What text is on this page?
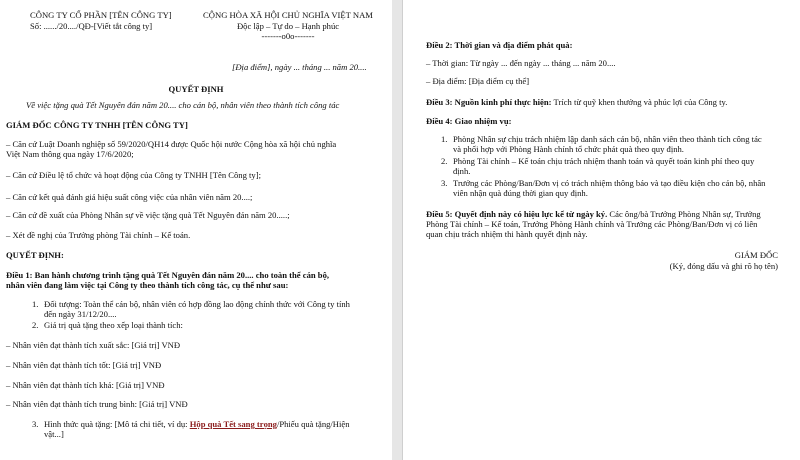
CÔNG TY CỔ PHẦN [TÊN CÔNG TY]
Số: ....../20..../QĐ-[Viết tắt công ty]
CỘNG HÒA XÃ HỘI CHỦ NGHĨA VIỆT NAM
Độc lập – Tự do – Hạnh phúc
-------o0o-------
[Địa điểm], ngày ... tháng ... năm 20....
QUYẾT ĐỊNH
Về việc tặng quà Tết Nguyên đán năm 20.... cho cán bộ, nhân viên theo thành tích công tác
GIÁM ĐỐC CÔNG TY TNHH [TÊN CÔNG TY]
– Căn cứ Luật Doanh nghiệp số 59/2020/QH14 được Quốc hội nước Cộng hòa xã hội chủ nghĩa
Việt Nam thông qua ngày 17/6/2020;
– Căn cứ Điều lệ tổ chức và hoạt động của Công ty TNHH [Tên Công ty];
– Căn cứ kết quả đánh giá hiệu suất công việc của nhân viên năm 20....;
– Căn cứ đề xuất của Phòng Nhân sự về việc tặng quà Tết Nguyên đán năm 20.....;
– Xét đề nghị của Trưởng phòng Tài chính – Kế toán.
QUYẾT ĐỊNH:
Điều 1: Ban hành chương trình tặng quà Tết Nguyên đán năm 20.... cho toàn thể cán bộ,
nhân viên đang làm việc tại Công ty theo thành tích công tác, cụ thể như sau:
1. Đối tượng: Toàn thể cán bộ, nhân viên có hợp đồng lao động chính thức với Công ty tính
đến ngày 31/12/20....
2. Giá trị quà tặng theo xếp loại thành tích:
– Nhân viên đạt thành tích xuất sắc: [Giá trị] VNĐ
– Nhân viên đạt thành tích tốt: [Giá trị] VNĐ
– Nhân viên đạt thành tích khá: [Giá trị] VNĐ
– Nhân viên đạt thành tích trung bình: [Giá trị] VNĐ
3. Hình thức quà tặng: [Mô tả chi tiết, ví dụ: Hộp quà Tết sang trọng/Phiếu quà tặng/Hiện
vật...]
Điều 2: Thời gian và địa điểm phát quà:
– Thời gian: Từ ngày ... đến ngày ... tháng ... năm 20....
– Địa điểm: [Địa điểm cụ thể]
Điều 3: Nguồn kinh phí thực hiện: Trích từ quỹ khen thưởng và phúc lợi của Công ty.
Điều 4: Giao nhiệm vụ:
1. Phòng Nhân sự chịu trách nhiệm lập danh sách cán bộ, nhân viên theo thành tích công tác
và phối hợp với Phòng Hành chính tổ chức phát quà theo quy định.
2. Phòng Tài chính – Kế toán chịu trách nhiệm thanh toán và quyết toán kinh phí theo quy
định.
3. Trưởng các Phòng/Ban/Đơn vị có trách nhiệm thông báo và tạo điều kiện cho cán bộ, nhân
viên nhận quà đúng thời gian quy định.
Điều 5: Quyết định này có hiệu lực kể từ ngày ký. Các ông/bà Trưởng Phòng Nhân sự, Trưởng
Phòng Tài chính – Kế toán, Trưởng Phòng Hành chính và Trưởng các Phòng/Ban/Đơn vị có liên
quan chịu trách nhiệm thi hành quyết định này.
GIÁM ĐỐC
(Ký, đóng dấu và ghi rõ họ tên)
